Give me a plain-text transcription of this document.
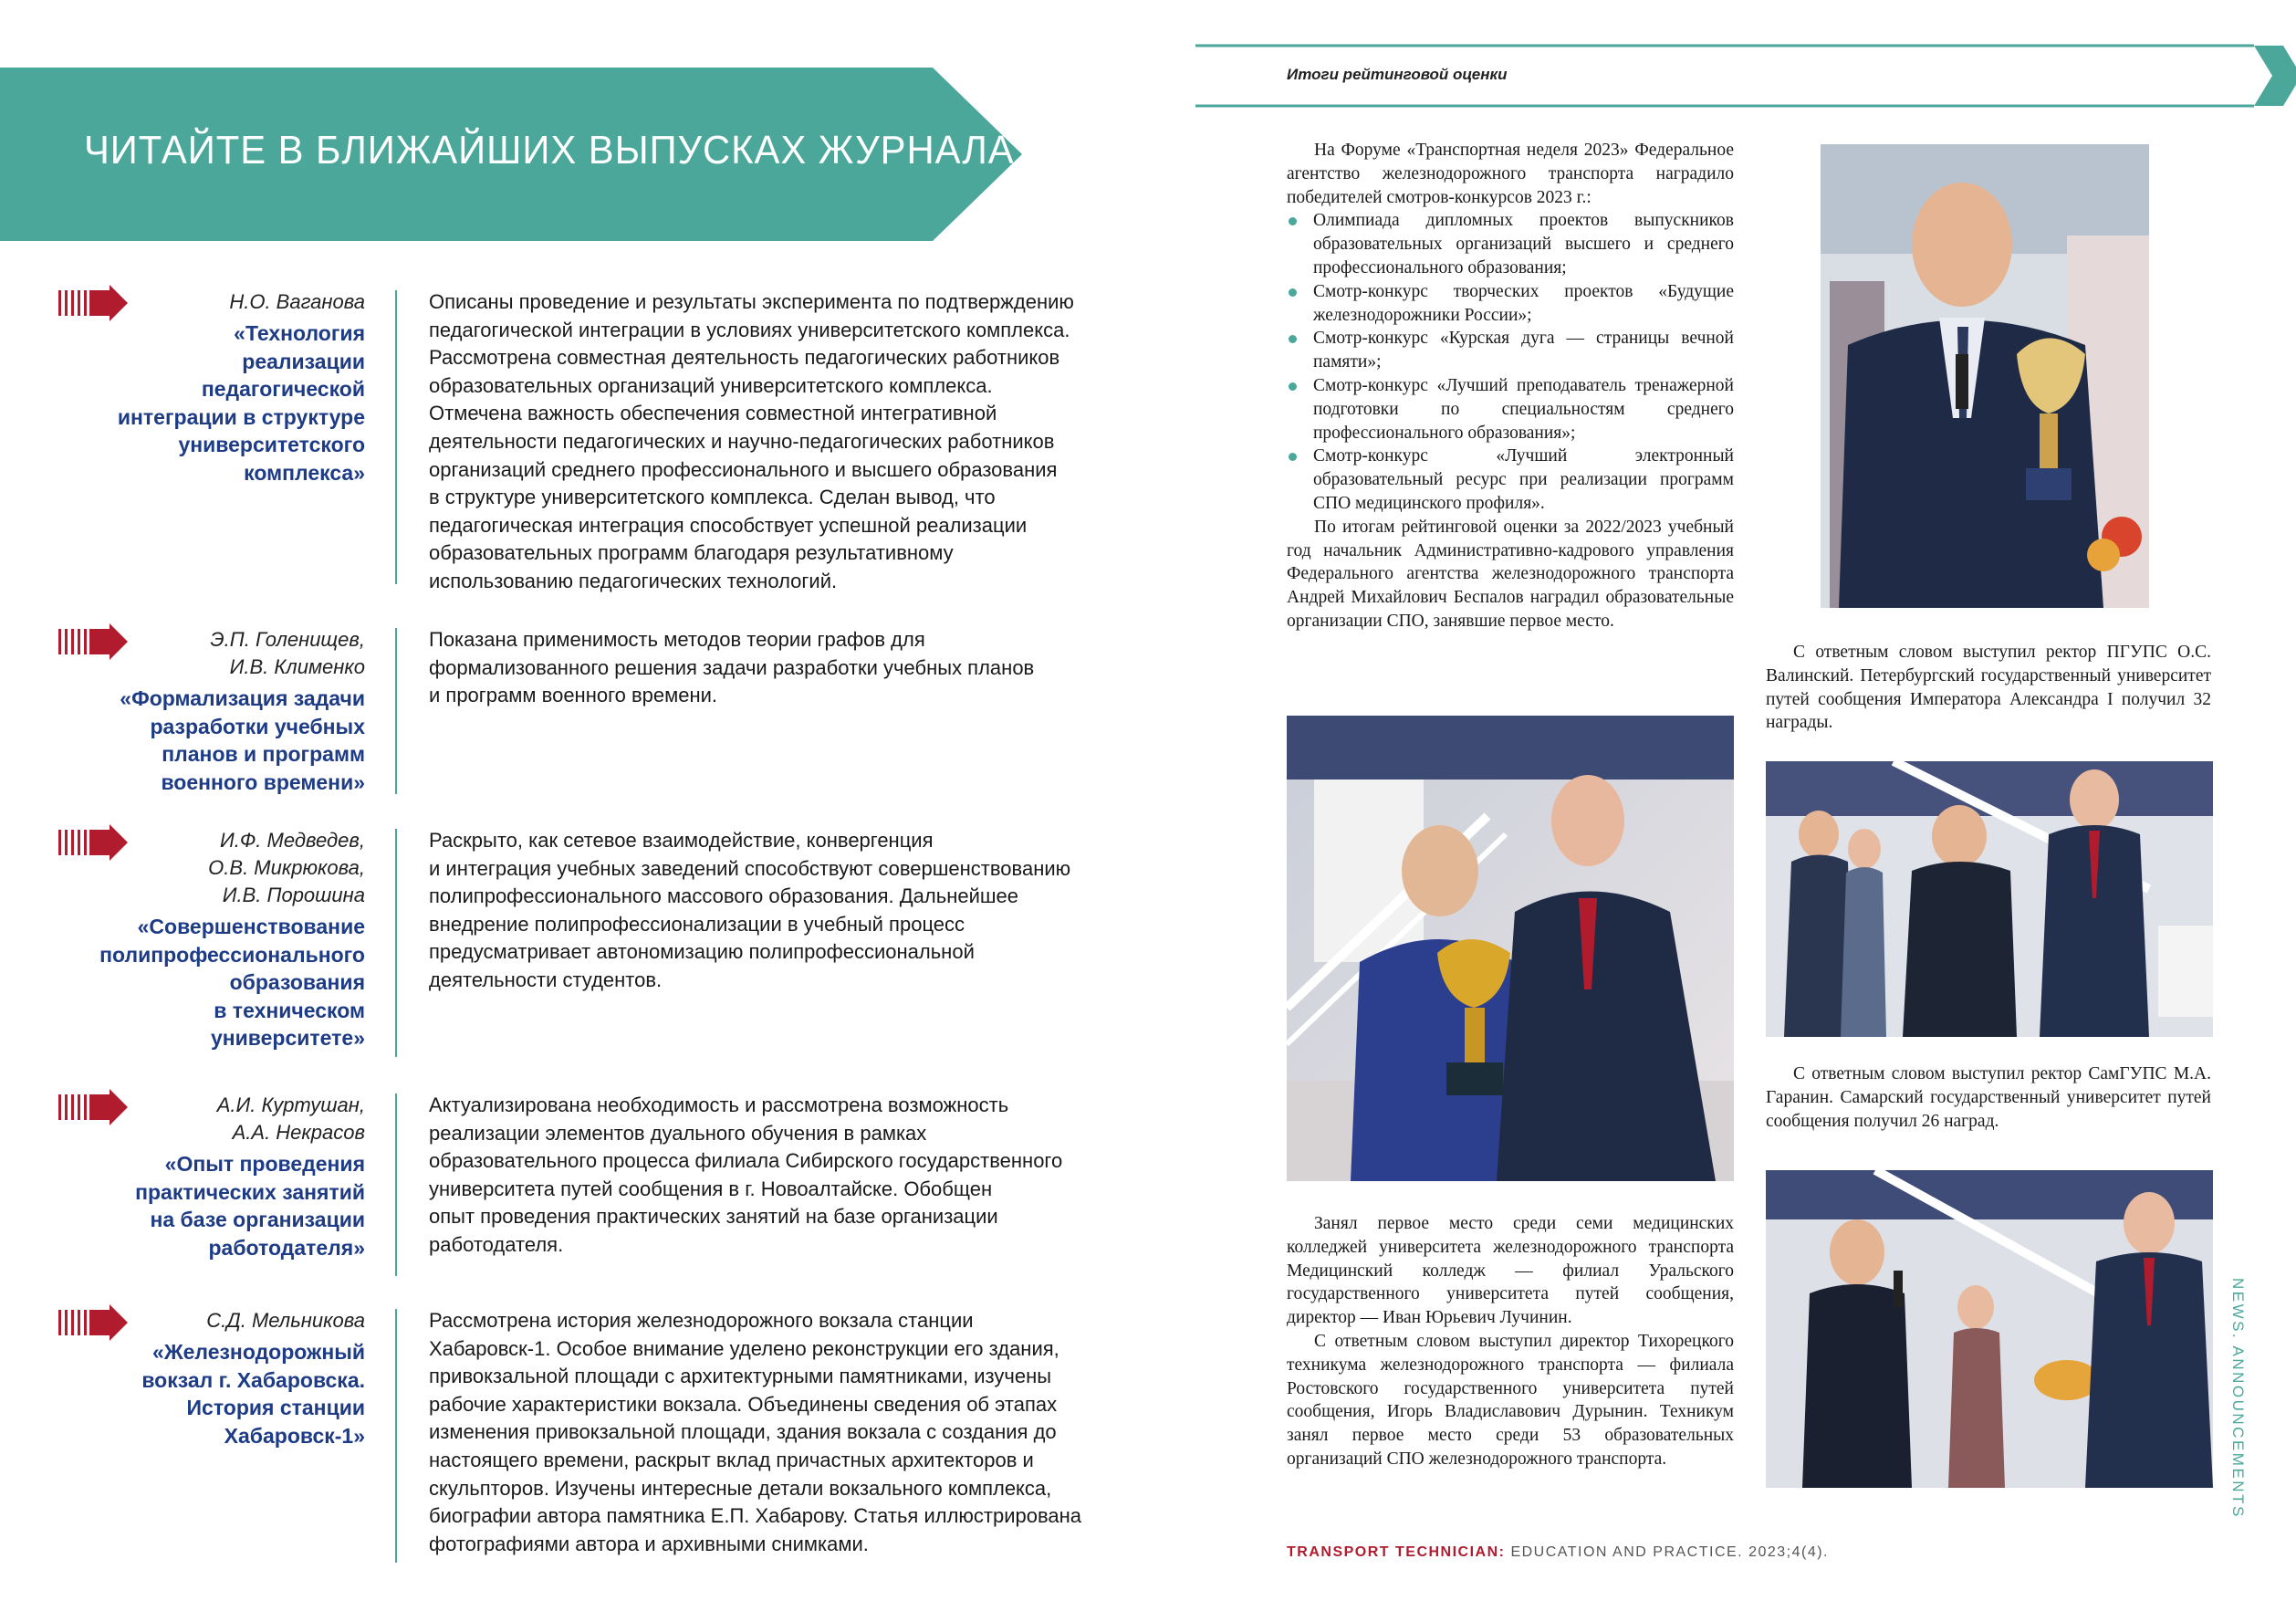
ЧИТАЙТЕ В БЛИЖАЙШИХ ВЫПУСКАХ ЖУРНАЛА...
Н.О. Ваганова
«Технология
реализации
педагогической
интеграции в структуре
университетского
комплекса»
Описаны проведение и результаты эксперимента по подтверждению
педагогической интеграции в условиях университетского комплекса.
Рассмотрена совместная деятельность педагогических работников
образовательных организаций университетского комплекса.
Отмечена важность обеспечения совместной интегративной
деятельности педагогических и научно-педагогических работников
организаций среднего профессионального и высшего образования
в структуре университетского комплекса. Сделан вывод, что
педагогическая интеграция способствует успешной реализации
образовательных программ благодаря результативному
использованию педагогических технологий.
Э.П. Голенищев,
И.В. Клименко
«Формализация задачи
разработки учебных
планов и программ
военного времени»
Показана применимость методов теории графов для
формализованного решения задачи разработки учебных планов
и программ военного времени.
И.Ф. Медведев,
О.В. Микрюкова,
И.В. Порошина
«Совершенствование
полипрофессионального
образования
в техническом
университете»
Раскрыто, как сетевое взаимодействие, конвергенция
и интеграция учебных заведений способствуют совершенствованию
полипрофессионального массового образования. Дальнейшее
внедрение полипрофессионализации в учебный процесс
предусматривает автономизацию полипрофессиональной
деятельности студентов.
А.И. Куртушан,
А.А. Некрасов
«Опыт проведения
практических занятий
на базе организации
работодателя»
Актуализирована необходимость и рассмотрена возможность
реализации элементов дуального обучения в рамках
образовательного процесса филиала Сибирского государственного
университета путей сообщения в г. Новоалтайске. Обобщен
опыт проведения практических занятий на базе организации
работодателя.
С.Д. Мельникова
«Железнодорожный
вокзал г. Хабаровска.
История станции
Хабаровск-1»
Рассмотрена история железнодорожного вокзала станции
Хабаровск-1. Особое внимание уделено реконструкции его здания,
привокзальной площади с архитектурными памятниками, изучены
рабочие характеристики вокзала. Объединены сведения об этапах
изменения привокзальной площади, здания вокзала с создания до
настоящего времени, раскрыт вклад причастных архитекторов и
скульпторов. Изучены интересные детали вокзального комплекса,
биографии автора памятника Е.П. Хабарову. Статья иллюстрирована
фотографиями автора и архивными снимками.
Итоги рейтинговой оценки
На Форуме «Транспортная неделя 2023» Федеральное агентство железнодорожного транспорта наградило победителей смотров-конкурсов 2023 г.:
Олимпиада дипломных проектов выпускников образовательных организаций высшего и среднего профессионального образования;
Смотр-конкурс творческих проектов «Будущие железнодорожники России»;
Смотр-конкурс «Курская дуга — страницы вечной памяти»;
Смотр-конкурс «Лучший преподаватель тренажерной подготовки по специальностям среднего профессионального образования»;
Смотр-конкурс «Лучший электронный образовательный ресурс при реализации программ СПО медицинского профиля».
По итогам рейтинговой оценки за 2022/2023 учебный год начальник Административно-кадрового управления Федерального агентства железнодорожного транспорта Андрей Михайлович Беспалов наградил образовательные организации СПО, занявшие первое место.
Занял первое место среди семи медицинских колледжей университета железнодорожного транспорта Медицинский колледж — филиал Уральского государственного университета путей сообщения, директор — Иван Юрьевич Лучинин.
С ответным словом выступил директор Тихорецкого техникума железнодорожного транспорта — филиала Ростовского государственного университета путей сообщения, Игорь Владиславович Дурынин. Техникум занял первое место среди 53 образовательных организаций СПО железнодорожного транспорта.
С ответным словом выступил ректор ПГУПС О.С. Валинский. Петербургский государственный университет путей сообщения Императора Александра I получил 32 награды.
С ответным словом выступил ректор СамГУПС М.А. Гаранин. Самарский государственный университет путей сообщения получил 26 наград.
TRANSPORT TECHNICIAN: EDUCATION AND PRACTICE. 2023;4(4).
NEWS. ANNOUNCEMENTS
